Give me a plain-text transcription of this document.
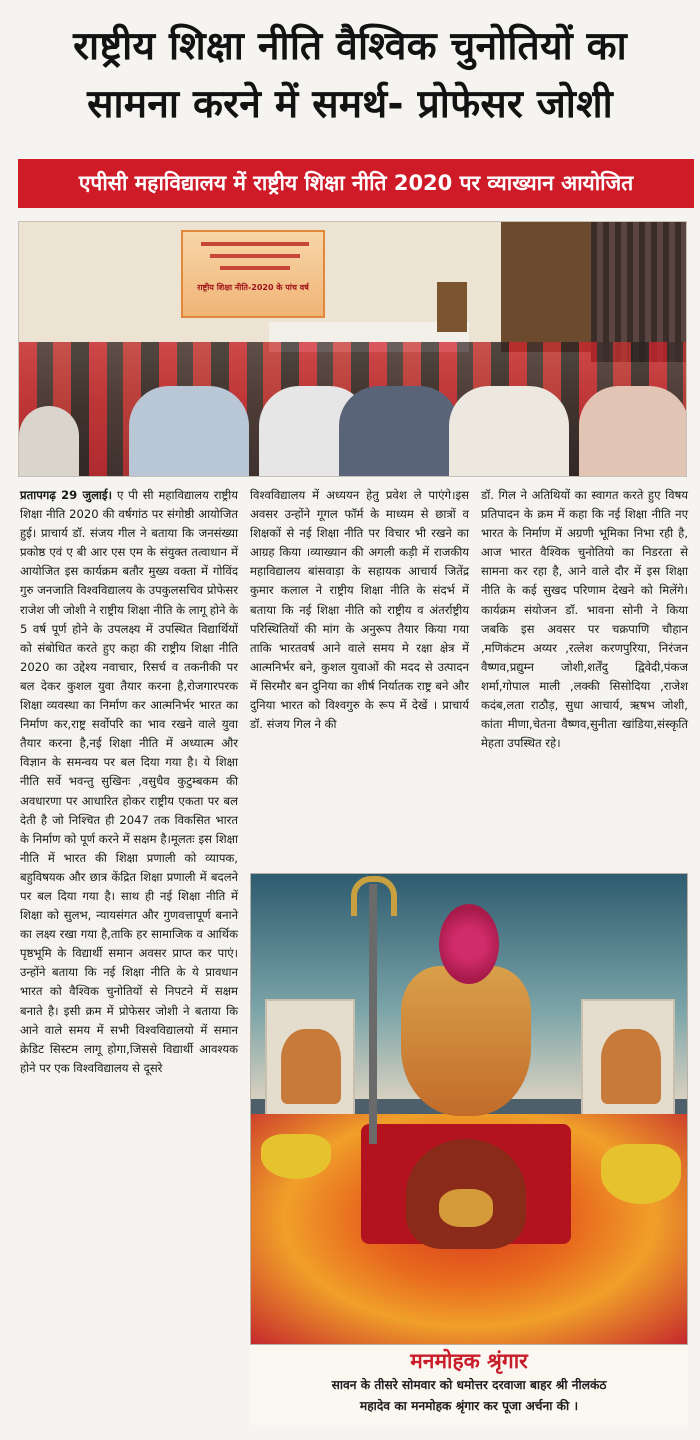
राष्ट्रीय शिक्षा नीति वैश्विक चुनोतियों का
सामना करने में समर्थ- प्रोफेसर जोशी
एपीसी महाविद्यालय में राष्ट्रीय शिक्षा नीति 2020 पर व्याख्यान आयोजित
राष्ट्रीय शिक्षा नीति-2020 के पांच वर्ष

प्रतापगढ़ 29 जुलाई। ए पी सी महाविद्यालय राष्ट्रीय शिक्षा नीति 2020 की वर्षगांठ पर संगोष्ठी आयोजित हुई। प्राचार्य डॉ. संजय गील ने बताया कि जनसंख्या प्रकोष्ठ एवं ए बी आर एस एम के संयुक्त तत्वाधान में आयोजित इस कार्यक्रम बतौर मुख्य वक्ता में गोविंद गुरु जनजाति विश्वविद्यालय के उपकुलसचिव प्रोफेसर राजेश जी जोशी ने राष्ट्रीय शिक्षा नीति के लागू होने के 5 वर्ष पूर्ण होने के उपलक्ष्य में उपस्थित विद्यार्थियों को संबोधित करते हुए कहा की राष्ट्रीय शिक्षा नीति 2020 का उद्देश्य नवाचार, रिसर्च व तकनीकी पर बल देकर कुशल युवा तैयार करना है,रोजगारपरक शिक्षा व्यवस्था का निर्माण कर आत्मनिर्भर भारत का निर्माण कर,राष्ट्र सर्वोपरि का भाव रखने वाले युवा तैयार करना है,नई शिक्षा नीति में अध्यात्म और विज्ञान के समन्वय पर बल दिया गया है। ये शिक्षा नीति सर्वे भवन्तु सुखिनः ,वसुधैव कुटुम्बकम की अवधारणा पर आधारित होकर राष्ट्रीय एकता पर बल देती है जो निश्चित ही 2047 तक विकसित भारत के निर्माण को पूर्ण करने में सक्षम है।मूलतः इस शिक्षा नीति में भारत की शिक्षा प्रणाली को व्यापक, बहुविषयक और छात्र केंद्रित शिक्षा प्रणाली में बदलने पर बल दिया गया है। साथ ही नई शिक्षा नीति में शिक्षा को सुलभ, न्यायसंगत और गुणवत्तापूर्ण बनाने का लक्ष्य रखा गया है,ताकि हर सामाजिक व आर्थिक पृष्ठभूमि के विद्यार्थी समान अवसर प्राप्त कर पाएं। उन्होंने बताया कि नई शिक्षा नीति के ये प्रावधान भारत को वैश्विक चुनोतियों से निपटने में सक्षम बनाते है। इसी क्रम में प्रोफेसर जोशी ने बताया कि आने वाले समय में सभी विश्वविद्यालयो में समान क्रेडिट सिस्टम लागू होगा,जिससे विद्यार्थी आवश्यक होने पर एक विश्वविद्यालय से दूसरे

विश्वविद्यालय में अध्ययन हेतु प्रवेश ले पाएंगे।इस अवसर उन्होंने गूगल फॉर्म के माध्यम से छात्रों व शिक्षकों से नई शिक्षा नीति पर विचार भी रखने का आग्रह किया ।व्याख्यान की अगली कड़ी में राजकीय महाविद्यालय बांसवाड़ा के सहायक आचार्य जितेंद्र कुमार कलाल ने राष्ट्रीय शिक्षा नीति के संदर्भ में बताया कि नई शिक्षा नीति को राष्ट्रीय व अंतर्राष्ट्रीय परिस्थितियों की मांग के अनुरूप तैयार किया गया ताकि भारतवर्ष आने वाले समय मे रक्षा क्षेत्र में आत्मनिर्भर बने, कुशल युवाओं की मदद से उत्पादन में सिरमौर बन दुनिया का शीर्ष निर्यातक राष्ट्र बने और दुनिया भारत को विश्वगुरु के रूप में देखें । प्राचार्य डॉ. संजय गिल ने की

डॉ. गिल ने अतिथियों का स्वागत करते हुए विषय प्रतिपादन के क्रम में कहा कि नई शिक्षा नीति नए भारत के निर्माण में अग्रणी भूमिका निभा रही है, आज भारत वैश्विक चुनोतियो का निडरता से सामना कर रहा है, आने वाले दौर में इस शिक्षा नीति के कई सुखद परिणाम देखने को मिलेंगे। कार्यक्रम संयोजन डॉ. भावना सोनी ने किया जबकि इस अवसर पर चक्रपाणि चौहान ,मणिकंटम अय्यर ,रत्लेश करणपुरिया, निरंजन वैष्णव,प्रद्युम्न जोशी,शर्तेंदु द्विवेदी,पंकज शर्मा,गोपाल माली ,लक्की सिसोदिया ,राजेश कदंब,लता राठौड़, सुधा आचार्य, ऋषभ जोशी, कांता मीणा,चेतना वैष्णव,सुनीता खांडिया,संस्कृति मेहता उपस्थित रहे।

मनमोहक श्रृंगार
सावन के तीसरे सोमवार को धमोत्तर दरवाजा बाहर श्री नीलकंठ
महादेव का मनमोहक श्रृंगार कर पूजा अर्चना की ।
